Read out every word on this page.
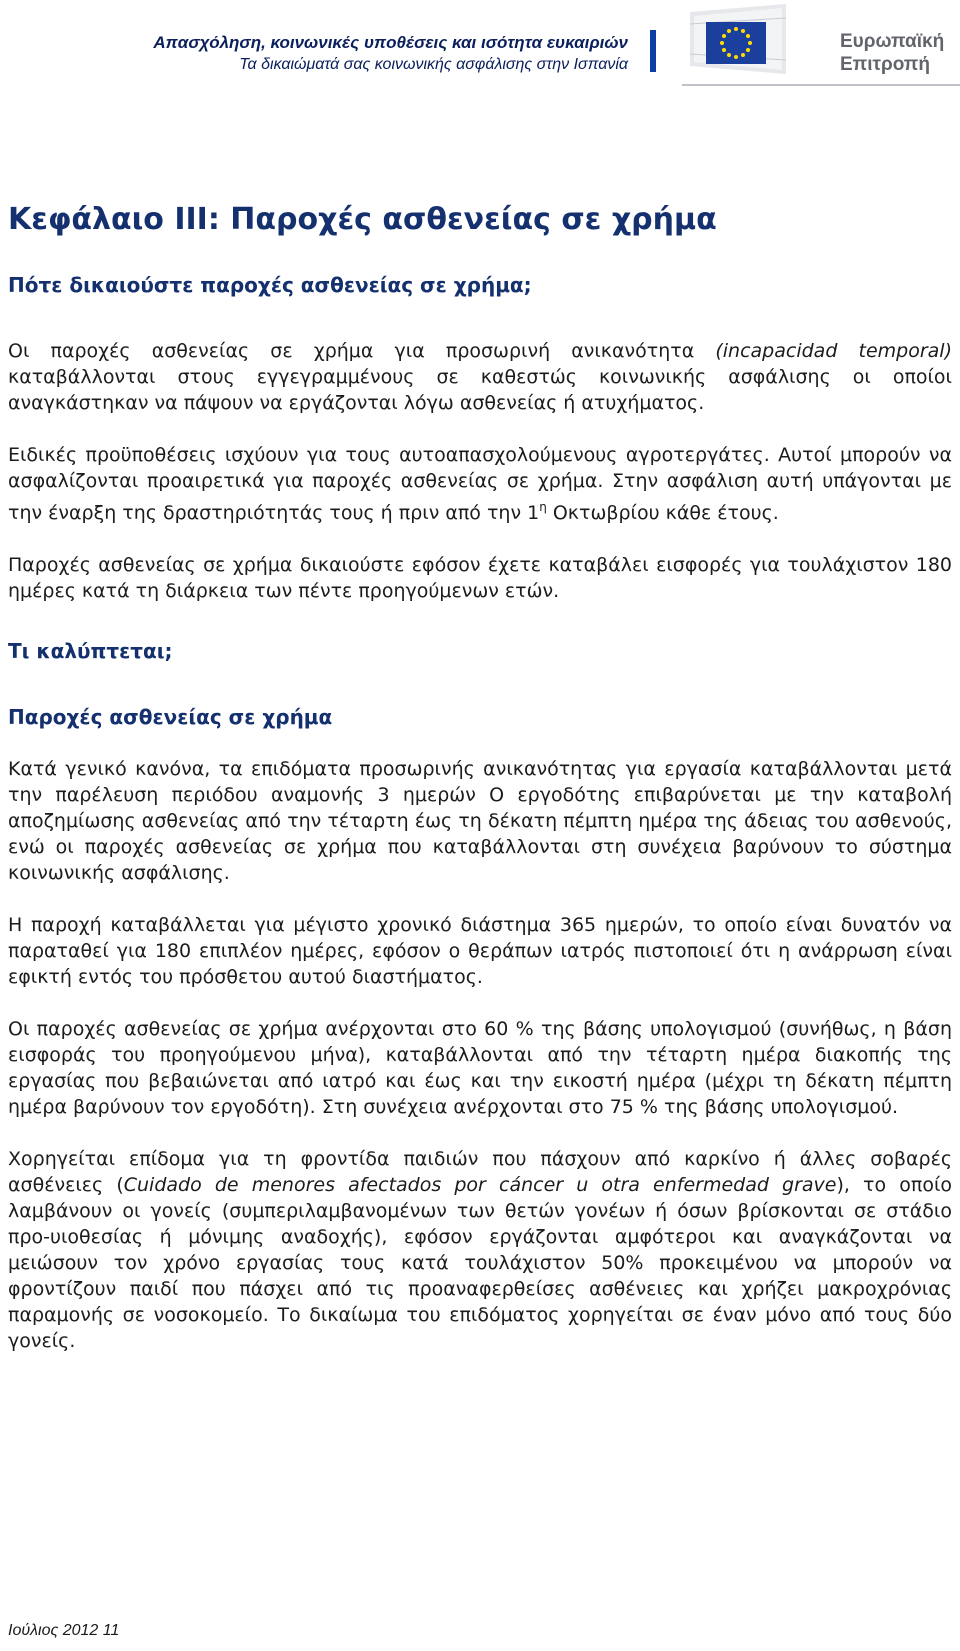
Απασχόληση, κοινωνικές υποθέσεις και ισότητα ευκαιριών
Τα δικαιώματά σας κοινωνικής ασφάλισης στην Ισπανία
Ευρωπαϊκή
Επιτροπή
Κεφάλαιο III: Παροχές ασθενείας σε χρήμα
Πότε δικαιούστε παροχές ασθενείας σε χρήμα;

Οι παροχές ασθενείας σε χρήμα για προσωρινή ανικανότητα (incapacidad temporal) καταβάλλονται στους εγγεγραμμένους σε καθεστώς κοινωνικής ασφάλισης οι οποίοι αναγκάστηκαν να πάψουν να εργάζονται λόγω ασθενείας ή ατυχήματος.

Ειδικές προϋποθέσεις ισχύουν για τους αυτοαπασχολούμενους αγροτεργάτες. Αυτοί μπορούν να ασφαλίζονται προαιρετικά για παροχές ασθενείας σε χρήμα. Στην ασφάλιση αυτή υπάγονται με την έναρξη της δραστηριότητάς τους ή πριν από την $1^\eta$ Οκτωβρίου κάθε έτους.

Παροχές ασθενείας σε χρήμα δικαιούστε εφόσον έχετε καταβάλει εισφορές για τουλάχιστον 180 ημέρες κατά τη διάρκεια των πέντε προηγούμενων ετών.

Τι καλύπτεται;
Παροχές ασθενείας σε χρήμα

Κατά γενικό κανόνα, τα επιδόματα προσωρινής ανικανότητας για εργασία καταβάλλονται μετά την παρέλευση περιόδου αναμονής 3 ημερών Ο εργοδότης επιβαρύνεται με την καταβολή αποζημίωσης ασθενείας από την τέταρτη έως τη δέκατη πέμπτη ημέρα της άδειας του ασθενούς, ενώ οι παροχές ασθενείας σε χρήμα που καταβάλλονται στη συνέχεια βαρύνουν το σύστημα κοινωνικής ασφάλισης.

Η παροχή καταβάλλεται για μέγιστο χρονικό διάστημα 365 ημερών, το οποίο είναι δυνατόν να παραταθεί για 180 επιπλέον ημέρες, εφόσον ο θεράπων ιατρός πιστοποιεί ότι η ανάρρωση είναι εφικτή εντός του πρόσθετου αυτού διαστήματος.

Οι παροχές ασθενείας σε χρήμα ανέρχονται στο 60 % της βάσης υπολογισμού (συνήθως, η βάση εισφοράς του προηγούμενου μήνα), καταβάλλονται από την τέταρτη ημέρα διακοπής της εργασίας που βεβαιώνεται από ιατρό και έως και την εικοστή ημέρα (μέχρι τη δέκατη πέμπτη ημέρα βαρύνουν τον εργοδότη). Στη συνέχεια ανέρχονται στο 75 % της βάσης υπολογισμού.

Χορηγείται επίδομα για τη φροντίδα παιδιών που πάσχουν από καρκίνο ή άλλες σοβαρές ασθένειες (Cuidado de menores afectados por cáncer u otra enfermedad grave), το οποίο λαμβάνουν οι γονείς (συμπεριλαμβανομένων των θετών γονέων ή όσων βρίσκονται σε στάδιο προ-υιοθεσίας ή μόνιμης αναδοχής), εφόσον εργάζονται αμφότεροι και αναγκάζονται να μειώσουν τον χρόνο εργασίας τους κατά τουλάχιστον 50% προκειμένου να μπορούν να φροντίζουν παιδί που πάσχει από τις προαναφερθείσες ασθένειες και χρήζει μακροχρόνιας παραμονής σε νοσοκομείο. Το δικαίωμα του επιδόματος χορηγείται σε έναν μόνο από τους δύο γονείς.

Ιούλιος 2012 11
